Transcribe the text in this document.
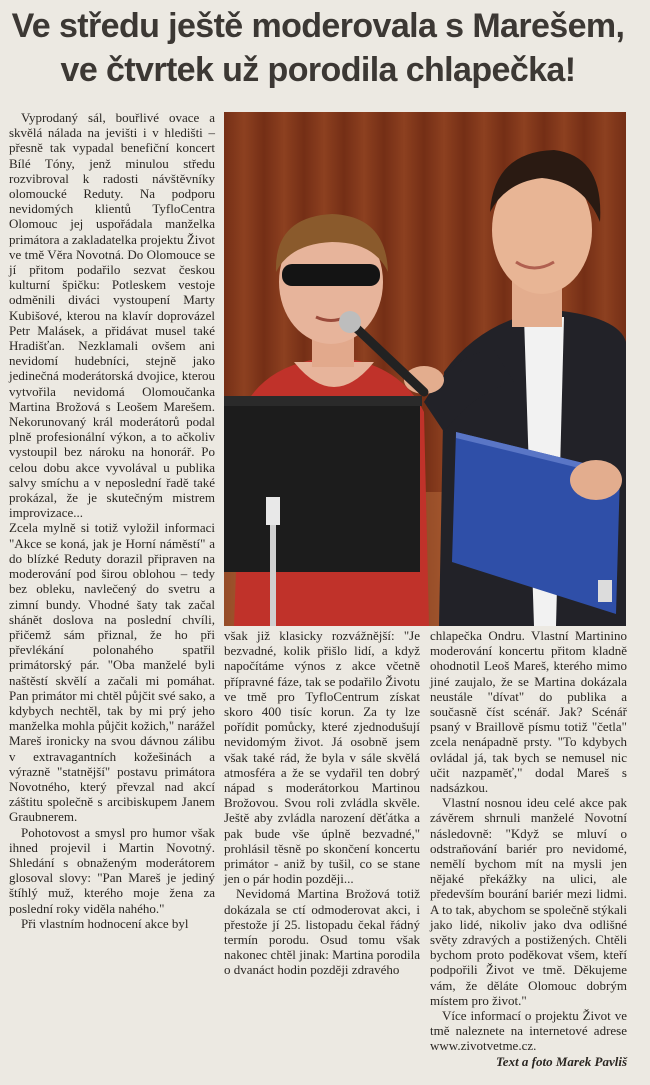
Ve středu ještě moderovala s Marešem,
ve čtvrtek už porodila chlapečka!

Vyprodaný sál, bouřlivé ovace a skvělá nálada na jevišti i v hledišti – přesně tak vypadal benefiční koncert Bílé Tóny, jenž minulou středu rozvibroval k radosti návštěvníky olomoucké Reduty. Na podporu nevidomých klientů TyfloCentra Olomouc jej uspořádala manželka primátora a zakladatelka projektu Život ve tmě Věra Novotná. Do Olomouce se jí přitom podařilo sezvat českou kulturní špičku: Potleskem vestoje odměnili diváci vystoupení Marty Kubišové, kterou na klavír doprovázel Petr Malásek, a přidávat musel také Hradišťan. Nezklamali ovšem ani nevidomí hudebníci, stejně jako jedinečná moderátorská dvojice, kterou vytvořila nevidomá Olomoučanka Martina Brožová s Leošem Marešem. Nekorunovaný král moderátorů podal plně profesionální výkon, a to ačkoliv vystoupil bez nároku na honorář. Po celou dobu akce vyvolával u publika salvy smíchu a v neposlední řadě také prokázal, že je skutečným mistrem improvizace...

Zcela mylně si totiž vyložil informaci "Akce se koná, jak je Horní náměstí" a do blízké Reduty dorazil připraven na moderování pod širou oblohou – tedy bez obleku, navlečený do svetru a zimní bundy. Vhodné šaty tak začal shánět doslova na poslední chvíli, přičemž sám přiznal, že ho při převlékání polonahého spatřil primátorský pár. "Oba manželé byli naštěstí skvělí a začali mi pomáhat. Pan primátor mi chtěl půjčit své sako, a kdybych nechtěl, tak by mi prý jeho manželka mohla půjčit kožich," narážel Mareš ironicky na svou dávnou zálibu v extravagantních kožešinách a výrazně "statnější" postavu primátora Novotného, který převzal nad akcí záštitu společně s arcibiskupem Janem Graubnerem.

Pohotovost a smysl pro humor však ihned projevil i Martin Novotný. Shledání s obnaženým moderátorem glosoval slovy: "Pan Mareš je jediný štíhlý muž, kterého moje žena za poslední roky viděla nahého."

Při vlastním hodnocení akce byl

však již klasicky rozvážnější: "Je bezvadné, kolik přišlo lidí, a když napočítáme výnos z akce včetně přípravné fáze, tak se podařilo Životu ve tmě pro TyfloCentrum získat skoro 400 tisíc korun. Za ty lze pořídit pomůcky, které zjednodušují nevidomým život. Já osobně jsem však také rád, že byla v sále skvělá atmosféra a že se vydařil ten dobrý nápad s moderátorkou Martinou Brožovou. Svou roli zvládla skvěle. Ještě aby zvládla narození děťátka a pak bude vše úplně bezvadné," prohlásil těsně po skončení koncertu primátor - aniž by tušil, co se stane jen o pár hodin později...

Nevidomá Martina Brožová totiž dokázala se ctí odmoderovat akci, i přestože jí 25. listopadu čekal řádný termín porodu. Osud tomu však nakonec chtěl jinak: Martina porodila o dvanáct hodin později zdravého

chlapečka Ondru. Vlastní Martinino moderování koncertu přitom kladně ohodnotil Leoš Mareš, kterého mimo jiné zaujalo, že se Martina dokázala neustále "dívat" do publika a současně číst scénář. Jak? Scénář psaný v Braillově písmu totiž "četla" zcela nenápadně prsty. "To kdybych ovládal já, tak bych se nemusel nic učit nazpaměť," dodal Mareš s nadsázkou.

Vlastní nosnou ideu celé akce pak závěrem shrnuli manželé Novotní následovně: "Když se mluví o odstraňování bariér pro nevidomé, nemělí bychom mít na mysli jen nějaké překážky na ulici, ale především bourání bariér mezi lidmi. A to tak, abychom se společně stýkali jako lidé, nikoliv jako dva odlišné světy zdravých a postižených. Chtěli bychom proto poděkovat všem, kteří podpořili Život ve tmě. Děkujeme vám, že děláte Olomouc dobrým místem pro život."

Více informací o projektu Život ve tmě naleznete na internetové adrese www.zivotvetme.cz.

Text a foto Marek Pavliš
